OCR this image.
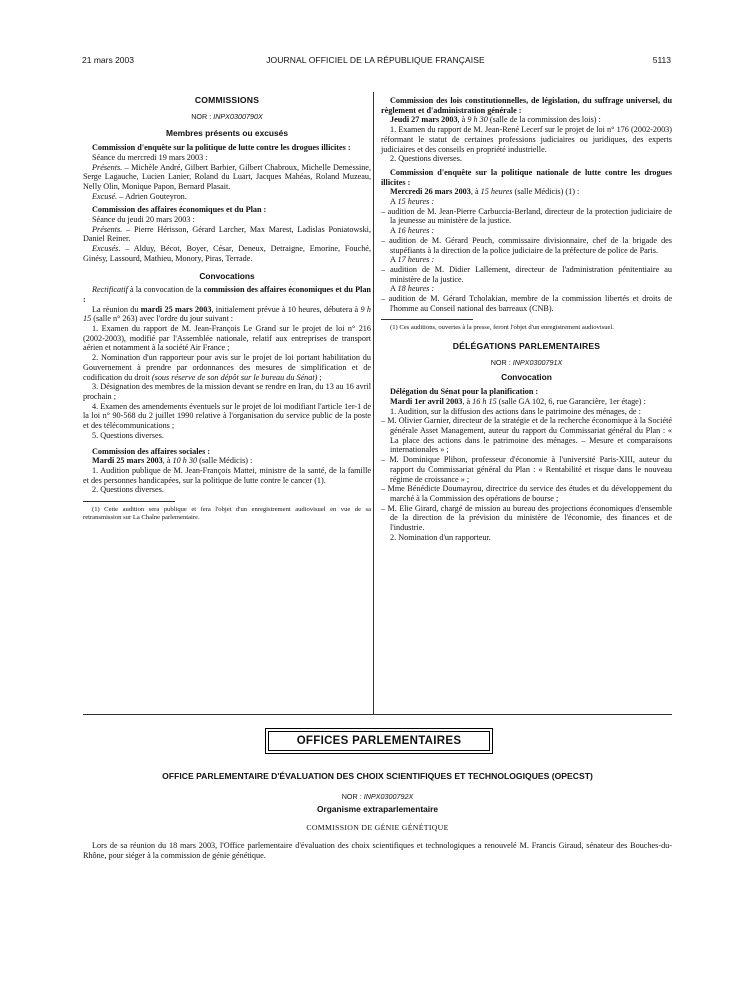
21 mars 2003	JOURNAL OFFICIEL DE LA RÉPUBLIQUE FRANÇAISE	5113

COMMISSIONS

NOR : INPX0300790X

Membres présents ou excusés

Commission d'enquête sur la politique de lutte contre les drogues illicites :

Séance du mercredi 19 mars 2003 :

Présents. – Michèle André, Gilbert Barbier, Gilbert Chabroux, Michelle Demessine, Serge Lagauche, Lucien Lanier, Roland du Luart, Jacques Mahéas, Roland Muzeau, Nelly Olin, Monique Papon, Bernard Plasait.

Excusé. – Adrien Gouteyron.

Commission des affaires économiques et du Plan :

Séance du jeudi 20 mars 2003 :

Présents. – Pierre Hérisson, Gérard Larcher, Max Marest, Ladislas Poniatowski, Daniel Reiner.

Excusés. – Alduy, Bécot, Boyer, César, Deneux, Detraigne, Emorine, Fouché, Ginésy, Lassourd, Mathieu, Monory, Piras, Terrade.

Convocations

Rectificatif à la convocation de la commission des affaires économiques et du Plan :

La réunion du mardi 25 mars 2003, initialement prévue à 10 heures, débutera à 9 h 15 (salle n° 263) avec l'ordre du jour suivant :

1. Examen du rapport de M. Jean-François Le Grand sur le projet de loi n° 216 (2002-2003), modifié par l'Assemblée nationale, relatif aux entreprises de transport aérien et notamment à la société Air France ;

2. Nomination d'un rapporteur pour avis sur le projet de loi portant habilitation du Gouvernement à prendre par ordonnances des mesures de simplification et de codification du droit (sous réserve de son dépôt sur le bureau du Sénat) ;

3. Désignation des membres de la mission devant se rendre en Iran, du 13 au 16 avril prochain ;

4. Examen des amendements éventuels sur le projet de loi modifiant l'article 1er-1 de la loi n° 90-568 du 2 juillet 1990 relative à l'organisation du service public de la poste et des télécommunications ;

5. Questions diverses.

Commission des affaires sociales :

Mardi 25 mars 2003, à 10 h 30 (salle Médicis) :

1. Audition publique de M. Jean-François Mattei, ministre de la santé, de la famille et des personnes handicapées, sur la politique de lutte contre le cancer (1).

2. Questions diverses.

(1) Cette audition sera publique et fera l'objet d'un enregistrement audiovisuel en vue de sa retransmission sur La Chaîne parlementaire.

Commission des lois constitutionnelles, de législation, du suffrage universel, du règlement et d'administration générale :

Jeudi 27 mars 2003, à 9 h 30 (salle de la commission des lois) :

1. Examen du rapport de M. Jean-René Lecerf sur le projet de loi n° 176 (2002-2003) réformant le statut de certaines professions judiciaires ou juridiques, des experts judiciaires et des conseils en propriété industrielle.

2. Questions diverses.

Commission d'enquête sur la politique nationale de lutte contre les drogues illicites :

Mercredi 26 mars 2003, à 15 heures (salle Médicis) (1) :

A 15 heures :

– audition de M. Jean-Pierre Carbuccia-Berland, directeur de la protection judiciaire de la jeunesse au ministère de la justice.

A 16 heures :

– audition de M. Gérard Peuch, commissaire divisionnaire, chef de la brigade des stupéfiants à la direction de la police judiciaire de la préfecture de police de Paris.

A 17 heures :

– audition de M. Didier Lallement, directeur de l'administration pénitentiaire au ministère de la justice.

A 18 heures :

– audition de M. Gérard Tcholakian, membre de la commission libertés et droits de l'homme au Conseil national des barreaux (CNB).

(1) Ces auditions, ouvertes à la presse, feront l'objet d'un enregistrement audiovisuel.

DÉLÉGATIONS PARLEMENTAIRES

NOR : INPX0300791X

Convocation

Délégation du Sénat pour la planification :

Mardi 1er avril 2003, à 16 h 15 (salle GA 102, 6, rue Garancière, 1er étage) :

1. Audition, sur la diffusion des actions dans le patrimoine des ménages, de :

– M. Olivier Garnier, directeur de la stratégie et de la recherche économique à la Société générale Asset Management, auteur du rapport du Commissariat général du Plan : « La place des actions dans le patrimoine des ménages. – Mesure et comparaisons internationales » ;

– M. Dominique Plihon, professeur d'économie à l'université Paris-XIII, auteur du rapport du Commissariat général du Plan : « Rentabilité et risque dans le nouveau régime de croissance » ;

– Mme Bénédicte Doumayrou, directrice du service des études et du développement du marché à la Commission des opérations de bourse ;

– M. Elie Girard, chargé de mission au bureau des projections économiques d'ensemble de la direction de la prévision du ministère de l'économie, des finances et de l'industrie.

2. Nomination d'un rapporteur.

OFFICES PARLEMENTAIRES

OFFICE PARLEMENTAIRE D'ÉVALUATION DES CHOIX SCIENTIFIQUES ET TECHNOLOGIQUES (OPECST)

NOR : INPX0300792X

Organisme extraparlementaire

COMMISSION DE GÉNIE GÉNÉTIQUE

Lors de sa réunion du 18 mars 2003, l'Office parlementaire d'évaluation des choix scientifiques et technologiques a renouvelé M. Francis Giraud, sénateur des Bouches-du-Rhône, pour siéger à la commission de génie génétique.
